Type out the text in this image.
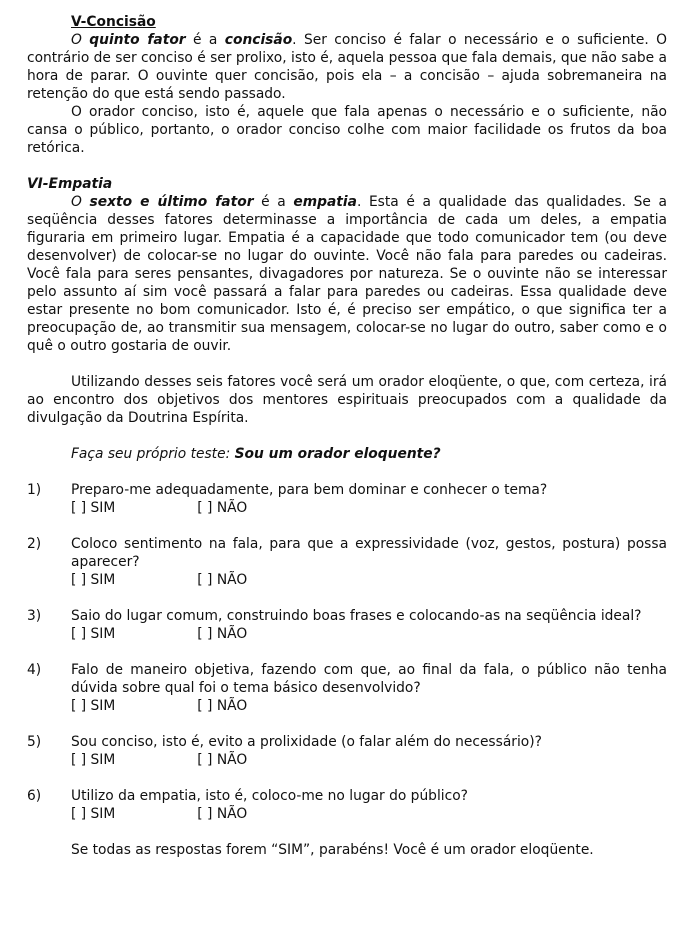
V-Concisão

O quinto fator é a concisão. Ser conciso é falar o necessário e o suficiente. O contrário de ser conciso é ser prolixo, isto é, aquela pessoa que fala demais, que não sabe a hora de parar. O ouvinte quer concisão, pois ela – a concisão – ajuda sobremaneira na retenção do que está sendo passado.

O orador conciso, isto é, aquele que fala apenas o necessário e o suficiente, não cansa o público, portanto, o orador conciso colhe com maior facilidade os frutos da boa retórica.

VI-Empatia

O sexto e último fator é a empatia. Esta é a qualidade das qualidades. Se a seqüência desses fatores determinasse a importância de cada um deles, a empatia figuraria em primeiro lugar. Empatia é a capacidade que todo comunicador tem (ou deve desenvolver) de colocar-se no lugar do ouvinte. Você não fala para paredes ou cadeiras. Você fala para seres pensantes, divagadores por natureza. Se o ouvinte não se interessar pelo assunto aí sim você passará a falar para paredes ou cadeiras. Essa qualidade deve estar presente no bom comunicador. Isto é, é preciso ser empático, o que significa ter a preocupação de, ao transmitir sua mensagem, colocar-se no lugar do outro, saber como e o quê o outro gostaria de ouvir.

Utilizando desses seis fatores você será um orador eloqüente, o que, com certeza, irá ao encontro dos objetivos dos mentores espirituais preocupados com a qualidade da divulgação da Doutrina Espírita.

Faça seu próprio teste: Sou um orador eloquente?

1) Preparo-me adequadamente, para bem dominar e conhecer o tema?
[ ] SIM	[ ] NÃO
2) Coloco sentimento na fala, para que a expressividade (voz, gestos, postura) possa aparecer?
[ ] SIM	[ ] NÃO
3) Saio do lugar comum, construindo boas frases e colocando-as na seqüência ideal?
[ ] SIM	[ ] NÃO
4) Falo de maneiro objetiva, fazendo com que, ao final da fala, o público não tenha dúvida sobre qual foi o tema básico desenvolvido?
[ ] SIM	[ ] NÃO
5) Sou conciso, isto é, evito a prolixidade (o falar além do necessário)?
[ ] SIM	[ ] NÃO
6) Utilizo da empatia, isto é, coloco-me no lugar do público?
[ ] SIM	[ ] NÃO

Se todas as respostas forem “SIM”, parabéns! Você é um orador eloqüente.
